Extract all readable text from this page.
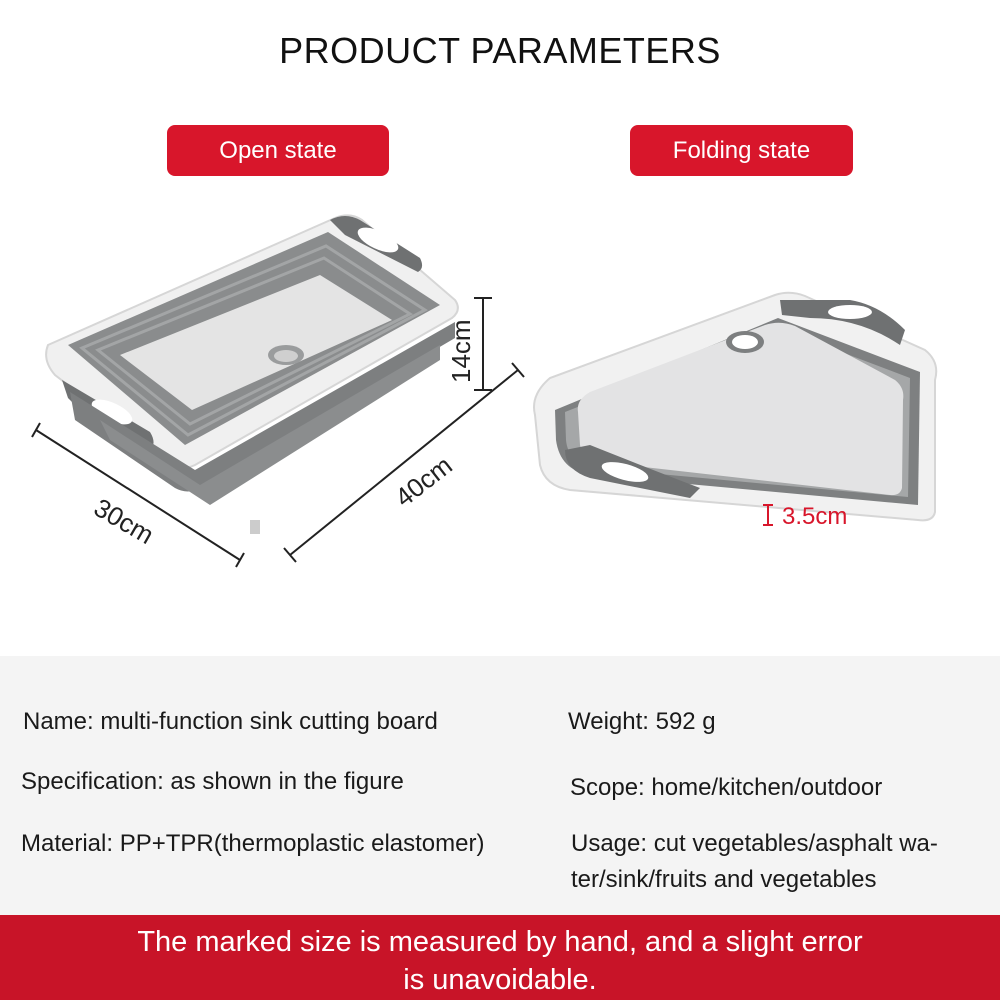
PRODUCT PARAMETERS
Open state	Folding state
14cm
40cm
30cm	3.5cm
Name: multi-function sink cutting board
Specification: as shown in the figure
Material: PP+TPR(thermoplastic elastomer)
Weight: 592 g
Scope: home/kitchen/outdoor
Usage: cut vegetables/asphalt wa-
ter/sink/fruits and vegetables
The marked size is measured by hand, and a slight error
is unavoidable.
